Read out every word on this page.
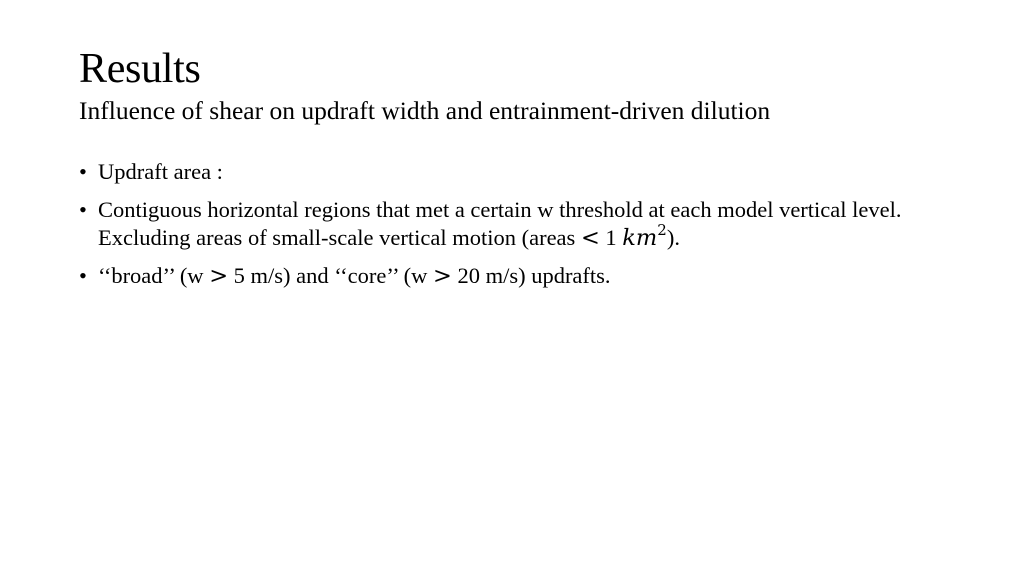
Results
Influence of shear on updraft width and entrainment-driven dilution
• Updraft area :
• Contiguous horizontal regions that met a certain w threshold at each model vertical level. Excluding areas of small-scale vertical motion (areas < 1 $km^2$).
• ‘‘broad’’ (w > 5 m/s) and ‘‘core’’ (w > 20 m/s) updrafts.
